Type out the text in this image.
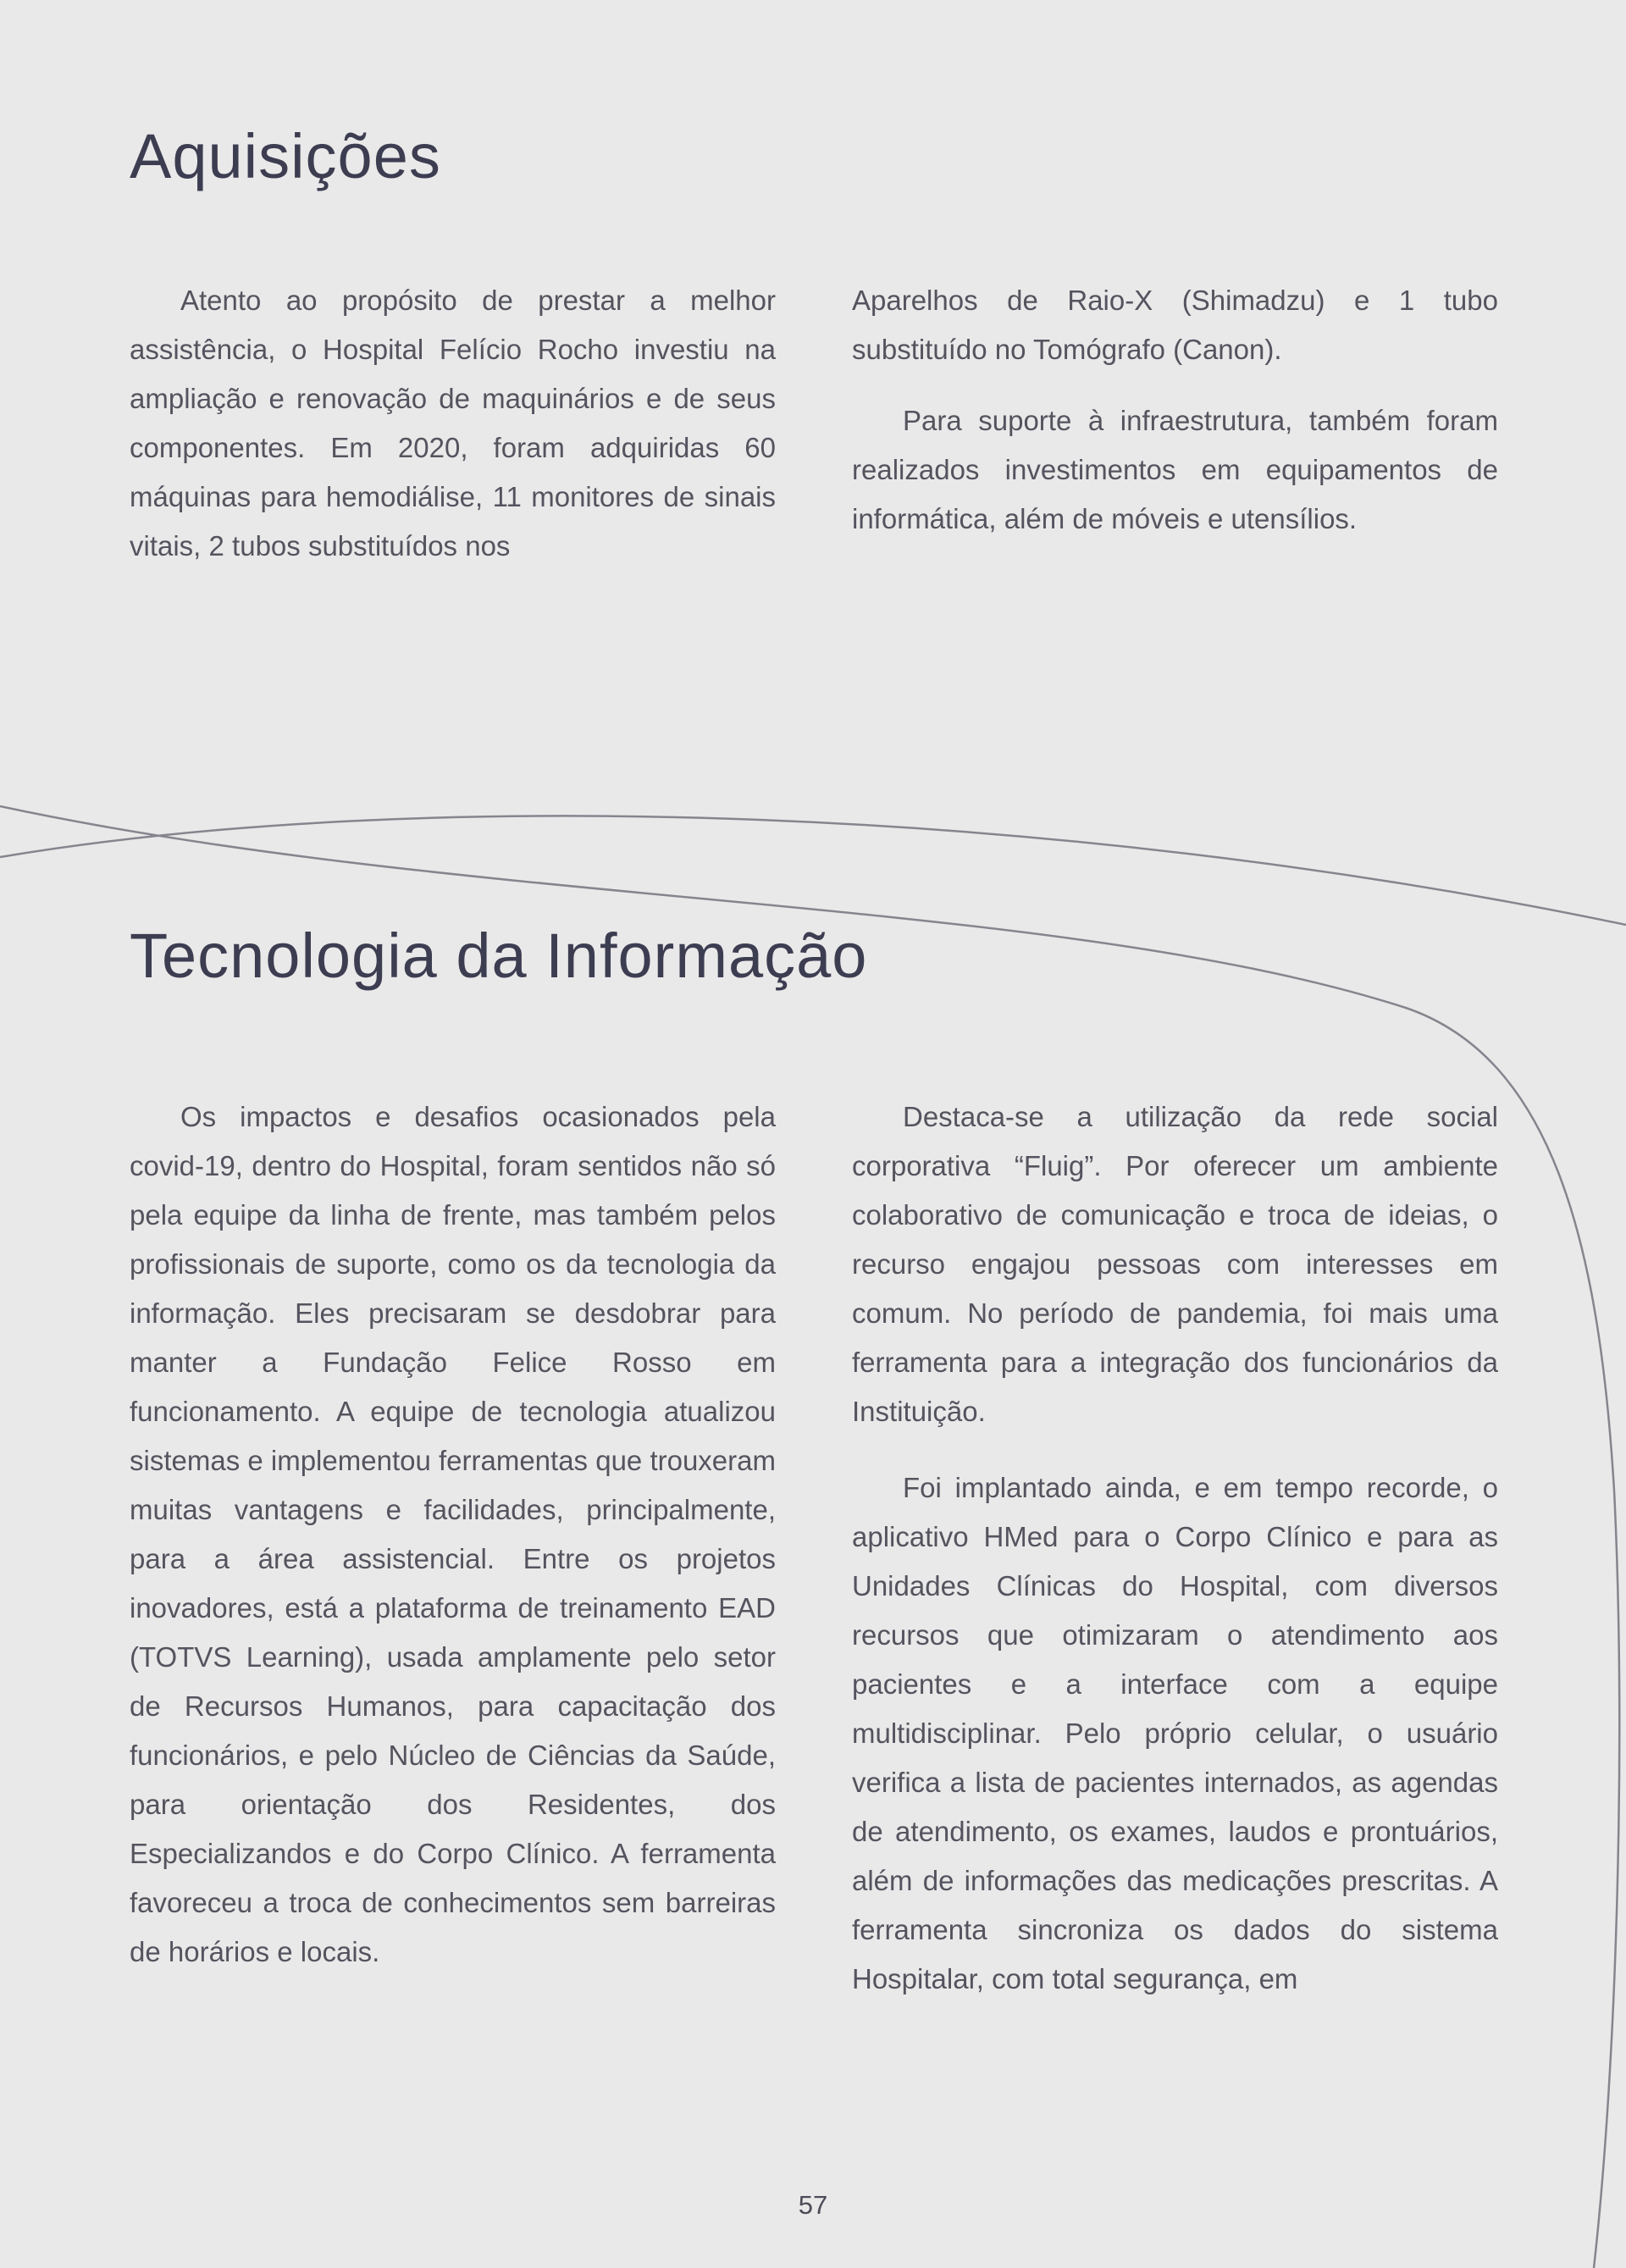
Aquisições

Atento ao propósito de prestar a melhor assistência, o Hospital Felício Rocho investiu na ampliação e renovação de maquinários e de seus componentes. Em 2020, foram adquiridas 60 máquinas para hemodiálise, 11 monitores de sinais vitais, 2 tubos substituídos nos

Aparelhos de Raio-X (Shimadzu) e 1 tubo substituído no Tomógrafo (Canon).

Para suporte à infraestrutura, também foram realizados investimentos em equipamentos de informática, além de móveis e utensílios.

Tecnologia da Informação

Os impactos e desafios ocasionados pela covid-19, dentro do Hospital, foram sentidos não só pela equipe da linha de frente, mas também pelos profissionais de suporte, como os da tecnologia da informação. Eles precisaram se desdobrar para manter a Fundação Felice Rosso em funcionamento. A equipe de tecnologia atualizou sistemas e implementou ferramentas que trouxeram muitas vantagens e facilidades, principalmente, para a área assistencial. Entre os projetos inovadores, está a plataforma de treinamento EAD (TOTVS Learning), usada amplamente pelo setor de Recursos Humanos, para capacitação dos funcionários, e pelo Núcleo de Ciências da Saúde, para orientação dos Residentes, dos Especializandos e do Corpo Clínico. A ferramenta favoreceu a troca de conhecimentos sem barreiras de horários e locais.

Destaca-se a utilização da rede social corporativa “Fluig”. Por oferecer um ambiente colaborativo de comunicação e troca de ideias, o recurso engajou pessoas com interesses em comum. No período de pandemia, foi mais uma ferramenta para a integração dos funcionários da Instituição.

Foi implantado ainda, e em tempo recorde, o aplicativo HMed para o Corpo Clínico e para as Unidades Clínicas do Hospital, com diversos recursos que otimizaram o atendimento aos pacientes e a interface com a equipe multidisciplinar. Pelo próprio celular, o usuário verifica a lista de pacientes internados, as agendas de atendimento, os exames, laudos e prontuários, além de informações das medicações prescritas. A ferramenta sincroniza os dados do sistema Hospitalar, com total segurança, em

57
